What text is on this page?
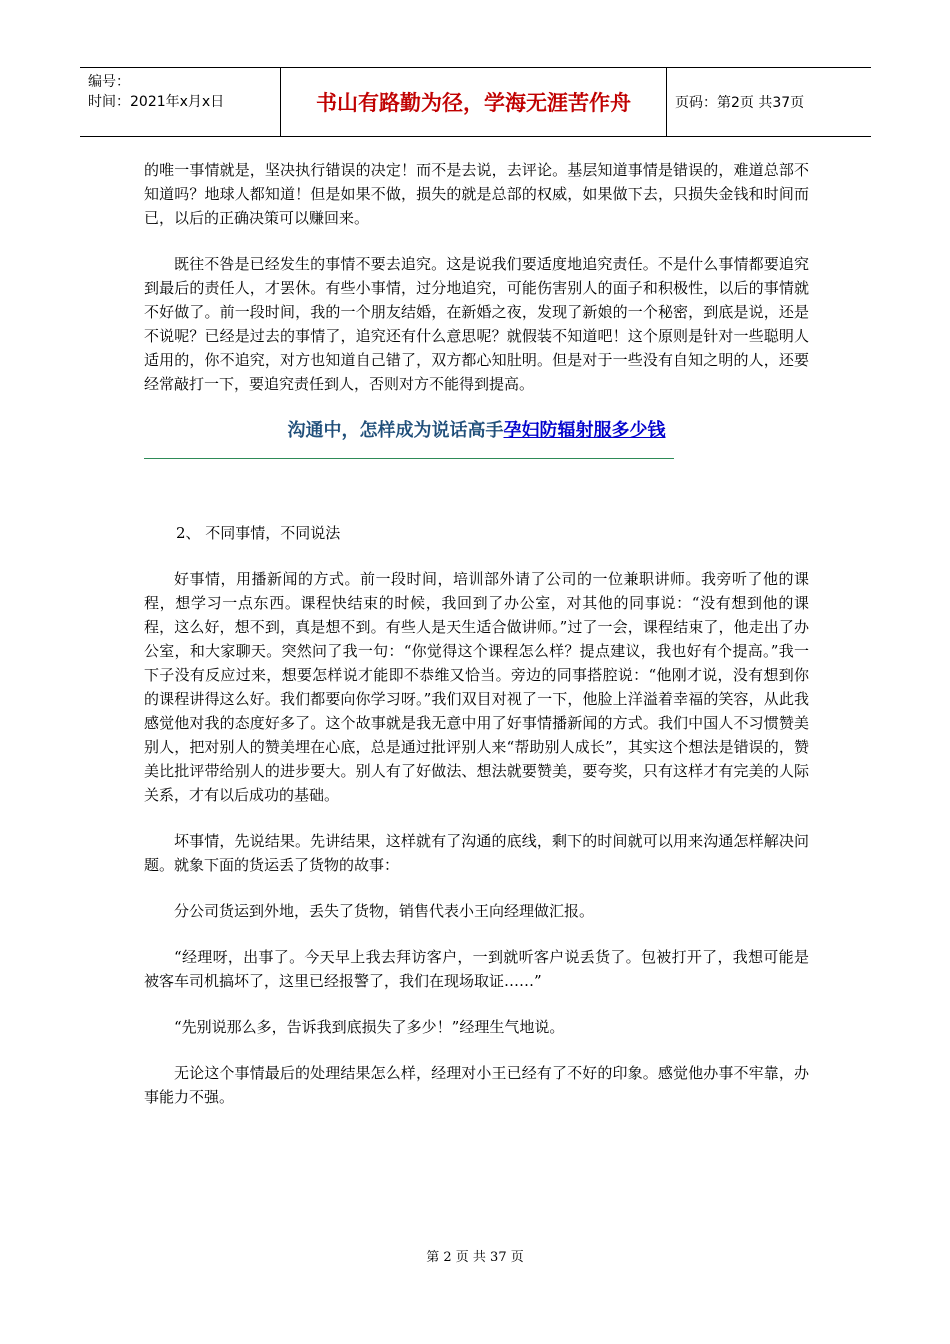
编号：
时间：2021年x月x日	书山有路勤为径，学海无涯苦作舟	页码：第2页 共37页

的唯一事情就是，坚决执行错误的决定！而不是去说，去评论。基层知道事情是错误的，难道总部不知道吗？地球人都知道！但是如果不做，损失的就是总部的权威，如果做下去，只损失金钱和时间而已，以后的正确决策可以赚回来。

既往不咎是已经发生的事情不要去追究。这是说我们要适度地追究责任。不是什么事情都要追究到最后的责任人，才罢休。有些小事情，过分地追究，可能伤害别人的面子和积极性，以后的事情就不好做了。前一段时间，我的一个朋友结婚，在新婚之夜，发现了新娘的一个秘密，到底是说，还是不说呢？已经是过去的事情了，追究还有什么意思呢？就假装不知道吧！这个原则是针对一些聪明人适用的，你不追究，对方也知道自己错了，双方都心知肚明。但是对于一些没有自知之明的人，还要经常敲打一下，要追究责任到人，否则对方不能得到提高。

沟通中，怎样成为说话高手孕妇防辐射服多少钱
2、 不同事情，不同说法

好事情，用播新闻的方式。前一段时间，培训部外请了公司的一位兼职讲师。我旁听了他的课程，想学习一点东西。课程快结束的时候，我回到了办公室，对其他的同事说：“没有想到他的课程，这么好，想不到，真是想不到。有些人是天生适合做讲师。”过了一会，课程结束了，他走出了办公室，和大家聊天。突然问了我一句：“你觉得这个课程怎么样？提点建议，我也好有个提高。”我一下子没有反应过来，想要怎样说才能即不恭维又恰当。旁边的同事搭腔说：“他刚才说，没有想到你的课程讲得这么好。我们都要向你学习呀。”我们双目对视了一下，他脸上洋溢着幸福的笑容，从此我感觉他对我的态度好多了。这个故事就是我无意中用了好事情播新闻的方式。我们中国人不习惯赞美别人，把对别人的赞美埋在心底，总是通过批评别人来“帮助别人成长”，其实这个想法是错误的，赞美比批评带给别人的进步要大。别人有了好做法、想法就要赞美，要夸奖，只有这样才有完美的人际关系，才有以后成功的基础。

坏事情，先说结果。先讲结果，这样就有了沟通的底线，剩下的时间就可以用来沟通怎样解决问题。就象下面的货运丢了货物的故事：

分公司货运到外地，丢失了货物，销售代表小王向经理做汇报。

“经理呀，出事了。今天早上我去拜访客户，一到就听客户说丢货了。包被打开了，我想可能是被客车司机搞坏了，这里已经报警了，我们在现场取证……”

“先别说那么多，告诉我到底损失了多少！”经理生气地说。

无论这个事情最后的处理结果怎么样，经理对小王已经有了不好的印象。感觉他办事不牢靠，办事能力不强。

第 2 页 共 37 页
